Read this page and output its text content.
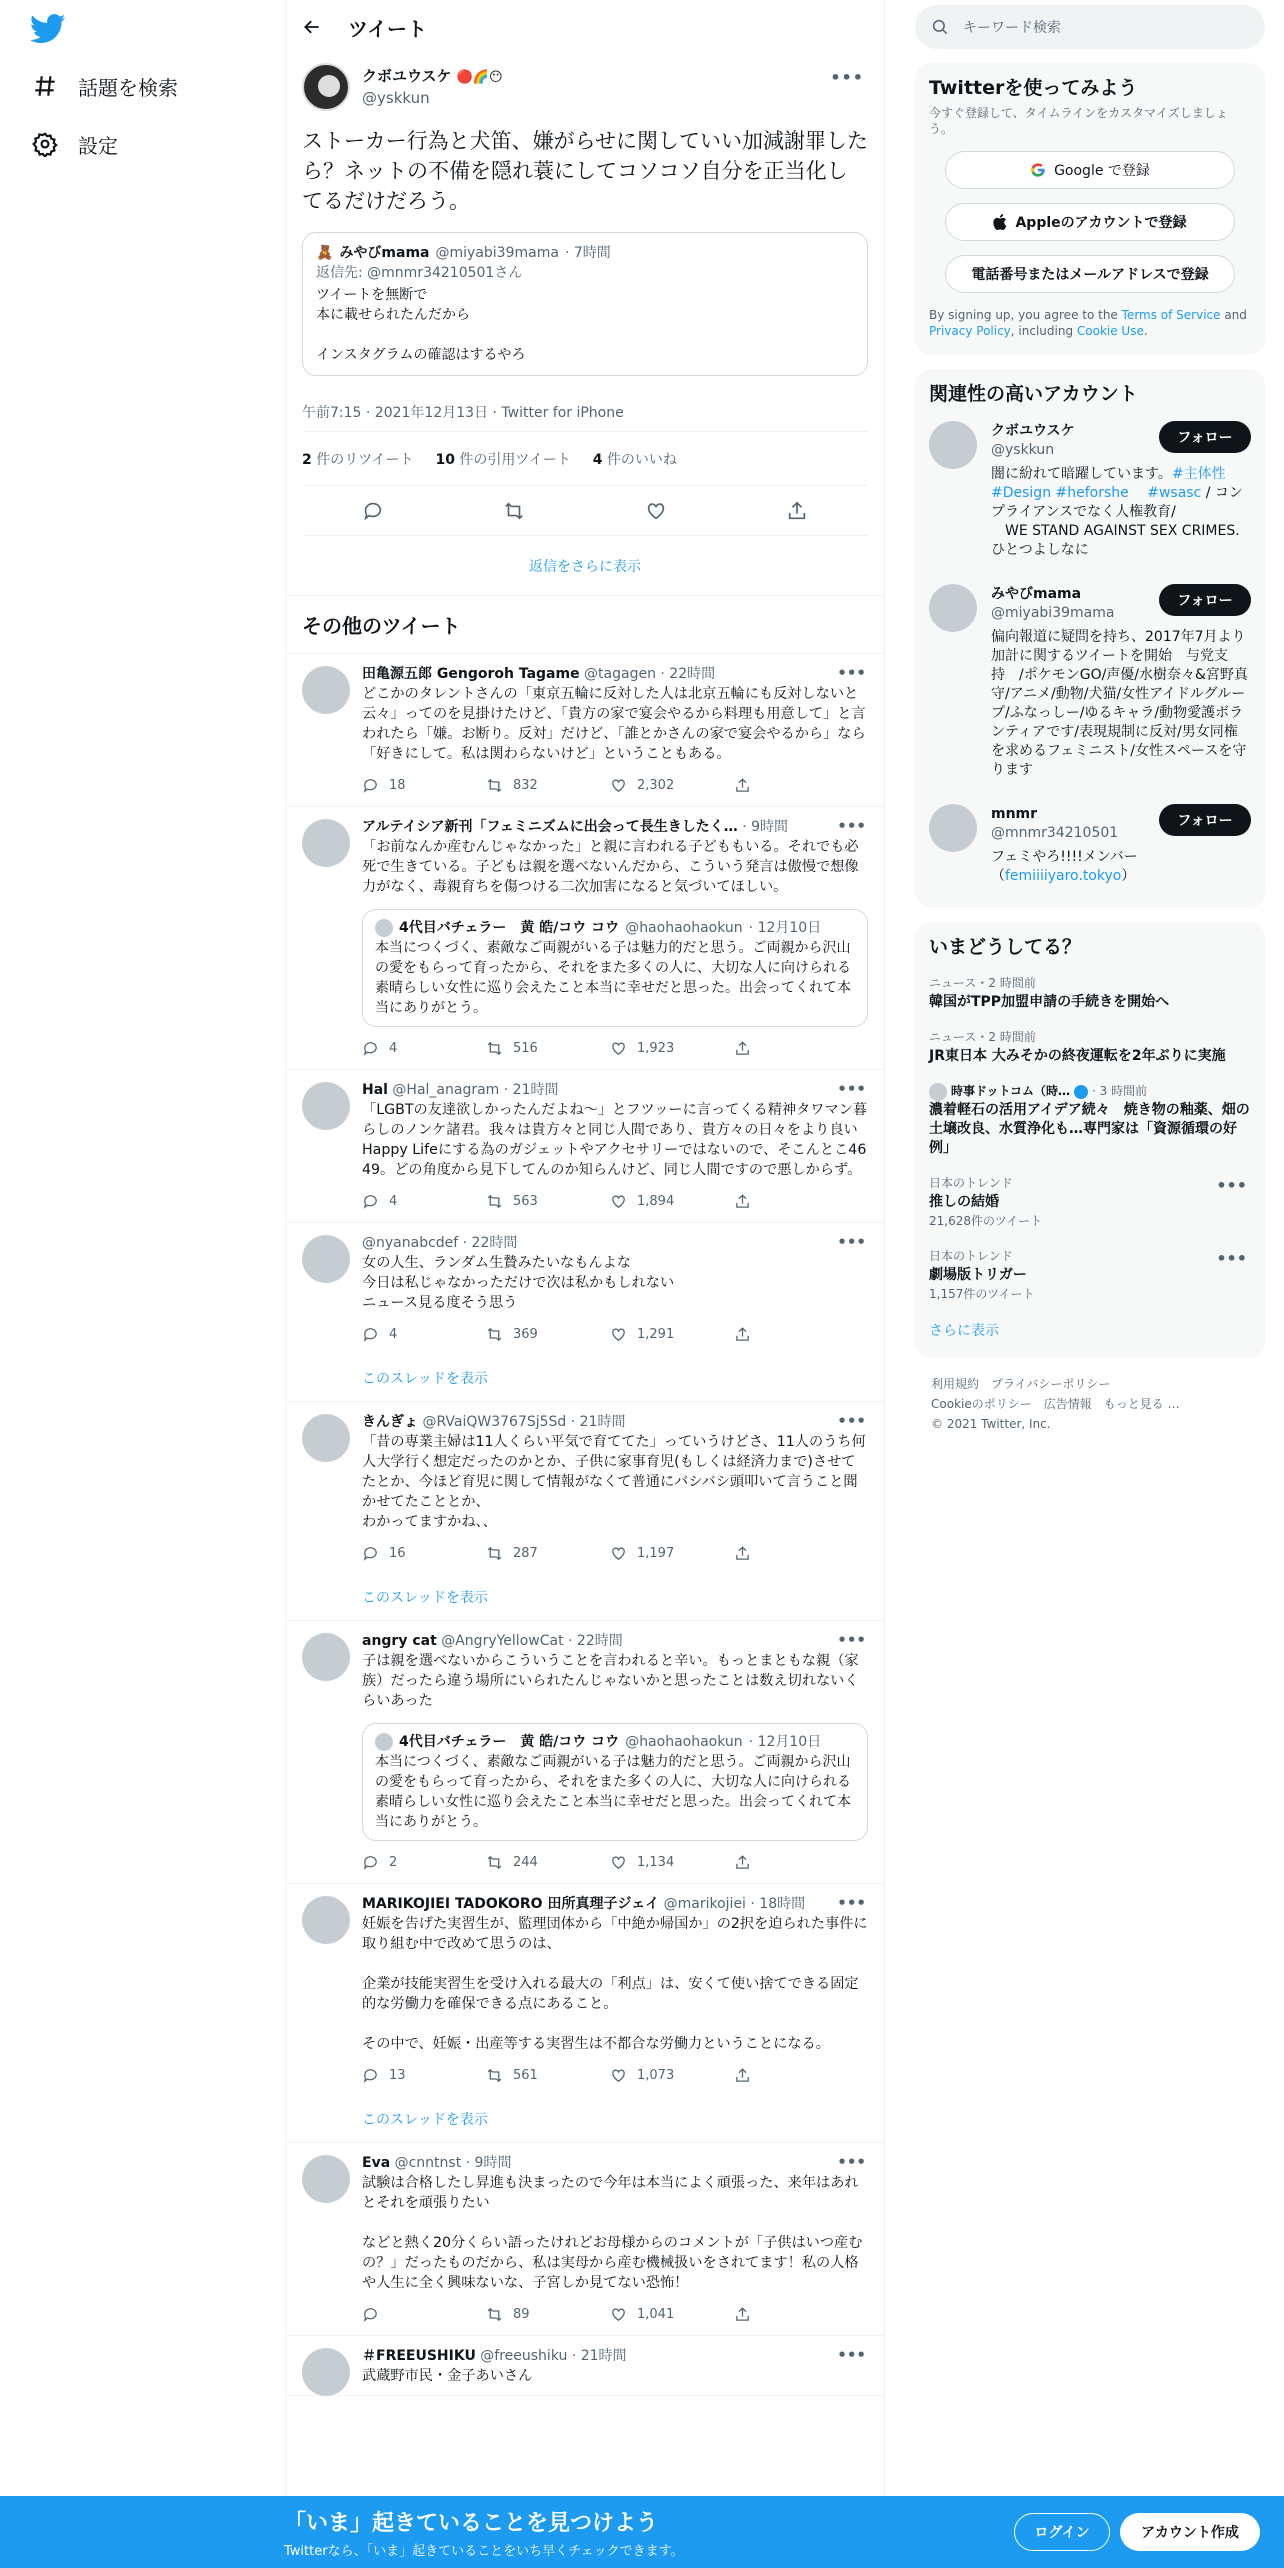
話題を検索
設定
ツイート
クボユウスケ 🔴🌈😶
@yskkun
•••
ストーカー行為と犬笛、嫌がらせに関していい加減謝罪したら？ネットの不備を隠れ蓑にしてコソコソ自分を正当化してるだけだろう。
🧸 みやびmama @miyabi39mama · 7時間
返信先: @mnmr34210501さん
ツイートを無断で
本に載せられたんだから

インスタグラムの確認はするやろ
午前7:15 · 2021年12月13日 · Twitter for iPhone
2 件のリツイート 10 件の引用ツイート 4 件のいいね
返信をさらに表示
その他のツイート
田亀源五郎 Gengoroh Tagame @tagagen · 22時間	•••
どこかのタレントさんの「東京五輪に反対した人は北京五輪にも反対しないと云々」ってのを見掛けたけど、「貴方の家で宴会やるから料理も用意して」と言われたら「嫌。お断り。反対」だけど、「誰とかさんの家で宴会やるから」なら「好きにして。私は関わらないけど」ということもある。
18	832	2,302
アルテイシア新刊「フェミニズムに出会って長生きしたく… · 9時間	•••
「お前なんか産むんじゃなかった」と親に言われる子どももいる。それでも必死で生きている。子どもは親を選べないんだから、こういう発言は傲慢で想像力がなく、毒親育ちを傷つける二次加害になると気づいてほしい。
4代目バチェラー　黄 皓/コウ コウ @haohaohaokun · 12月10日
本当につくづく、素敵なご両親がいる子は魅力的だと思う。ご両親から沢山の愛をもらって育ったから、それをまた多くの人に、大切な人に向けられる素晴らしい女性に巡り会えたこと本当に幸せだと思った。出会ってくれて本当にありがとう。
4	516	1,923
Hal @Hal_anagram · 21時間	•••
「LGBTの友達欲しかったんだよね～」とフツッーに言ってくる精神タワマン暮らしのノンケ諸君。我々は貴方々と同じ人間であり、貴方々の日々をより良いHappy Lifeにする為のガジェットやアクセサリーではないので、そこんとこ4649。どの角度から見下してんのか知らんけど、同じ人間ですので悪しからず。
4	563	1,894
@nyanabcdef · 22時間	•••
女の人生、ランダム生贄みたいなもんよな
今日は私じゃなかっただけで次は私かもしれない
ニュース見る度そう思う
4	369	1,291
このスレッドを表示
きんぎょ @RVaiQW3767Sj5Sd · 21時間	•••
「昔の専業主婦は11人くらい平気で育ててた」っていうけどさ、11人のうち何人大学行く想定だったのかとか、子供に家事育児(もしくは経済力まで)させてたとか、今ほど育児に関して情報がなくて普通にバシバシ頭叩いて言うこと聞かせてたこととか、
わかってますかね、、
16	287	1,197
このスレッドを表示
angry cat @AngryYellowCat · 22時間	•••
子は親を選べないからこういうことを言われると辛い。もっとまともな親（家族）だったら違う場所にいられたんじゃないかと思ったことは数え切れないくらいあった
4代目バチェラー　黄 皓/コウ コウ @haohaohaokun · 12月10日
本当につくづく、素敵なご両親がいる子は魅力的だと思う。ご両親から沢山の愛をもらって育ったから、それをまた多くの人に、大切な人に向けられる素晴らしい女性に巡り会えたこと本当に幸せだと思った。出会ってくれて本当にありがとう。
2	244	1,134
MARIKOJIEI TADOKORO 田所真理子ジェイ @marikojiei · 18時間	•••
妊娠を告げた実習生が、監理団体から「中絶か帰国か」の2択を迫られた事件に取り組む中で改めて思うのは、

企業が技能実習生を受け入れる最大の「利点」は、安くて使い捨てできる固定的な労働力を確保できる点にあること。

その中で、妊娠・出産等する実習生は不都合な労働力ということになる。
13	561	1,073
このスレッドを表示
Eva @cnntnst · 9時間	•••
試験は合格したし昇進も決まったので今年は本当によく頑張った、来年はあれとそれを頑張りたい

などと熱く20分くらい語ったけれどお母様からのコメントが「子供はいつ産むの？」だったものだから、私は実母から産む機械扱いをされてます！私の人格や人生に全く興味ないな、子宮しか見てない恐怖！
89	1,041
＃FREEUSHIKU @freeushiku · 21時間	•••
武蔵野市民・金子あいさん
キーワード検索
Twitterを使ってみよう
今すぐ登録して、タイムラインをカスタマイズしましょう。
Google で登録
Appleのアカウントで登録
電話番号またはメールアドレスで登録
By signing up, you agree to the Terms of Service and Privacy Policy, including Cookie Use.
関連性の高いアカウント
クボユウスケ
@yskkun
闇に紛れて暗躍しています。#主体性 #Design #heforshe 　#wsasc / コンプライアンスでなく人権教育/
　WE STAND AGAINST SEX CRIMES.　ひとつよしなに
フォロー
みやびmama
@miyabi39mama
偏向報道に疑問を持ち、2017年7月より加計に関するツイートを開始　与党支持　/ポケモンGO/声優/水樹奈々&宮野真守/アニメ/動物/犬猫/女性アイドルグループ/ふなっしー/ゆるキャラ/動物愛護ボランティアです/表現規制に反対/男女同権を求めるフェミニスト/女性スペースを守ります
フォロー
mnmr
@mnmr34210501
フェミやろ!!!!メンバー
（femiiiiyaro.tokyo）
フォロー
いまどうしてる？
ニュース・2 時間前
韓国がTPP加盟申請の手続きを開始へ
ニュース・2 時間前
JR東日本 大みそかの終夜運転を2年ぶりに実施
時事ドットコム（時… · 3 時間前
濃着軽石の活用アイデア続々　焼き物の釉薬、畑の土壌改良、水質浄化も…専門家は「資源循環の好例」
日本のトレンド
推しの結婚
21,628件のツイート
•••
日本のトレンド
劇場版トリガー
1,157件のツイート
•••
さらに表示
利用規約　 プライバシーポリシー
Cookieのポリシー　 広告情報　 もっと見る …
© 2021 Twitter, Inc.
「いま」起きていることを見つけよう
Twitterなら、「いま」起きていることをいち早くチェックできます。
ログイン	アカウント作成
